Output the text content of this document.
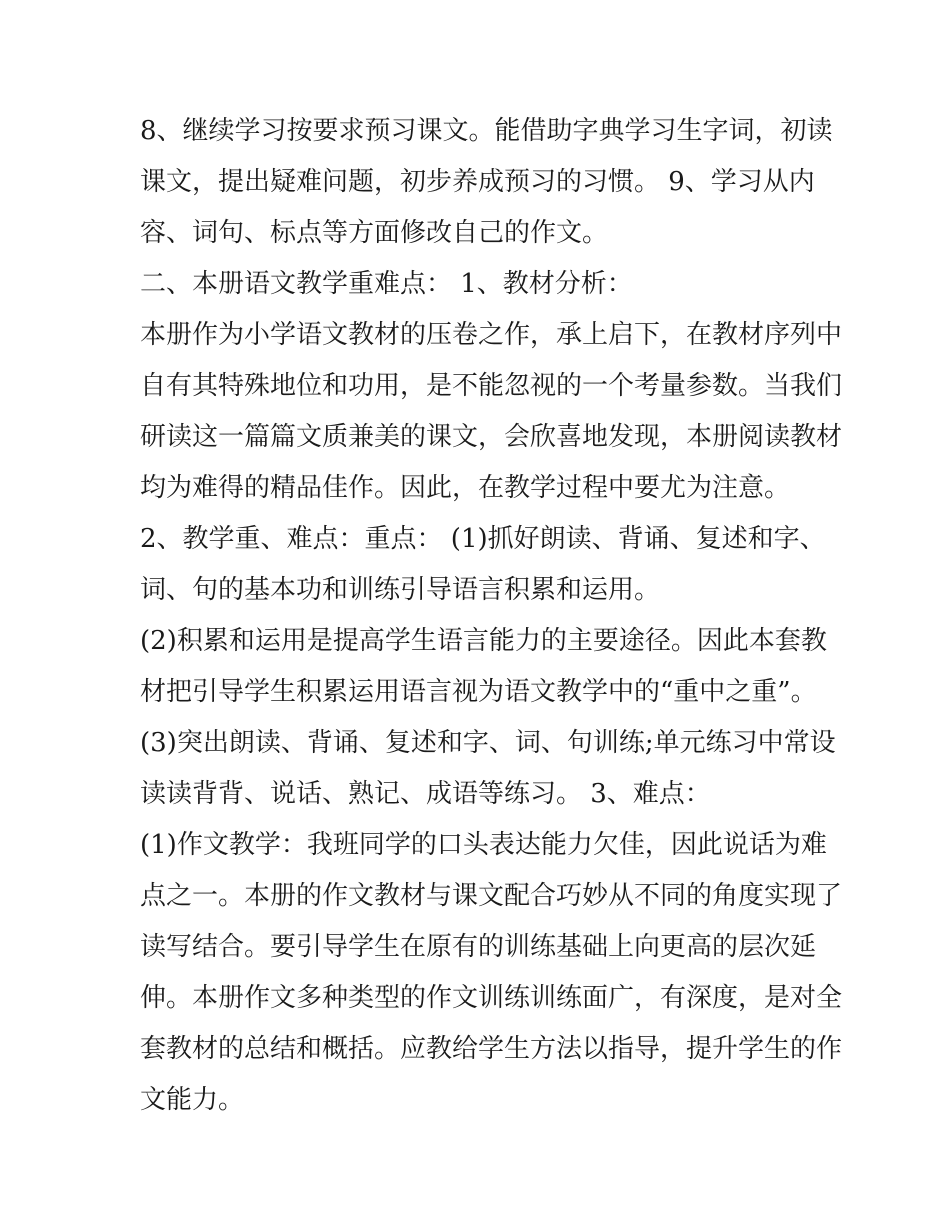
8、继续学习按要求预习课文。能借助字典学习生字词，初读
课文，提出疑难问题，初步养成预习的习惯。 9、学习从内
容、词句、标点等方面修改自己的作文。
二、本册语文教学重难点： 1、教材分析：
本册作为小学语文教材的压卷之作，承上启下，在教材序列中
自有其特殊地位和功用，是不能忽视的一个考量参数。当我们
研读这一篇篇文质兼美的课文，会欣喜地发现，本册阅读教材
均为难得的精品佳作。因此，在教学过程中要尤为注意。
2、教学重、难点：重点： (1)抓好朗读、背诵、复述和字、
词、句的基本功和训练引导语言积累和运用。
(2)积累和运用是提高学生语言能力的主要途径。因此本套教
材把引导学生积累运用语言视为语文教学中的“重中之重”。
(3)突出朗读、背诵、复述和字、词、句训练;单元练习中常设
读读背背、说话、熟记、成语等练习。 3、难点：
(1)作文教学：我班同学的口头表达能力欠佳，因此说话为难
点之一。本册的作文教材与课文配合巧妙从不同的角度实现了
读写结合。要引导学生在原有的训练基础上向更高的层次延
伸。本册作文多种类型的作文训练训练面广，有深度，是对全
套教材的总结和概括。应教给学生方法以指导，提升学生的作
文能力。
